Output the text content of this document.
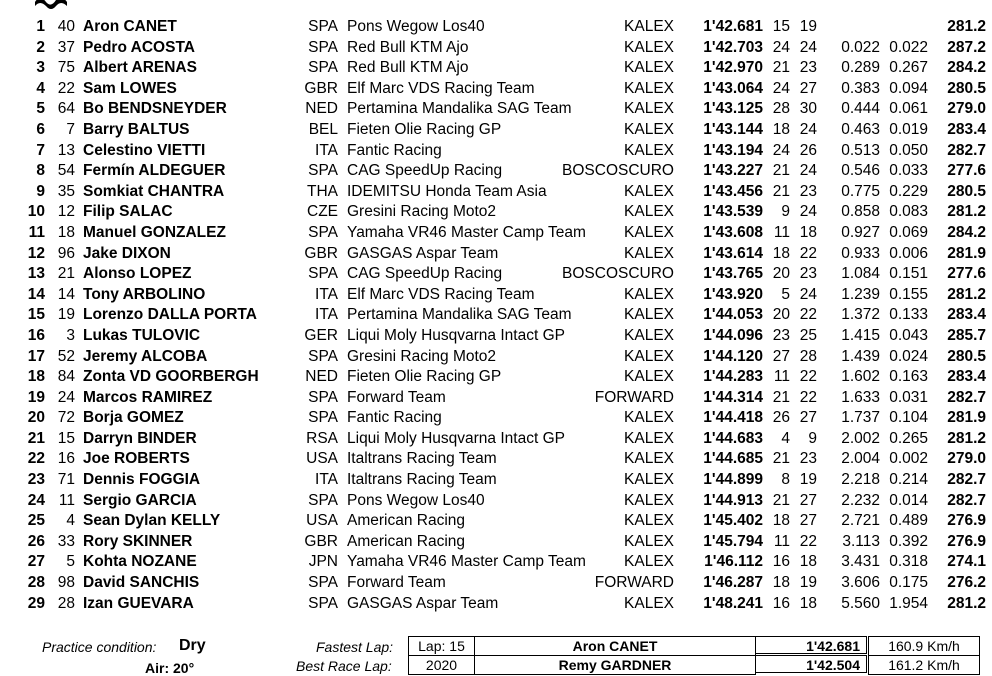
1 40 Aron CANET	SPA Pons Wegow Los40	KALEX	1'42.681 15 19	281.2
2 37 Pedro ACOSTA	SPA Red Bull KTM Ajo	KALEX	1'42.703 24 24	0.022 0.022	287.2
3 75 Albert ARENAS	SPA Red Bull KTM Ajo	KALEX	1'42.970 21 23	0.289 0.267	284.2
4 22 Sam LOWES	GBR Elf Marc VDS Racing Team	KALEX	1'43.064 24 27	0.383 0.094	280.5
5 64 Bo BENDSNEYDER	NED Pertamina Mandalika SAG Team	KALEX	1'43.125 28 30	0.444 0.061	279.0
6	7 Barry BALTUS	BEL Fieten Olie Racing GP	KALEX	1'43.144 18 24	0.463 0.019	283.4
7 13 Celestino VIETTI	ITA Fantic Racing	KALEX	1'43.194 24 26	0.513 0.050	282.7
8 54 Fermín ALDEGUER	SPA CAG SpeedUp Racing	BOSCOSCURO	1'43.227 21 24	0.546 0.033	277.6
9 35 Somkiat CHANTRA	THA IDEMITSU Honda Team Asia	KALEX	1'43.456 21 23	0.775 0.229	280.5
10 12 Filip SALAC	CZE Gresini Racing Moto2	KALEX	1'43.539	9 24	0.858 0.083	281.2
11 18 Manuel GONZALEZ	SPA Yamaha VR46 Master Camp Team	KALEX	1'43.608 11 18	0.927 0.069	284.2
12 96 Jake DIXON	GBR GASGAS Aspar Team	KALEX	1'43.614 18 22	0.933 0.006	281.9
13 21 Alonso LOPEZ	SPA CAG SpeedUp Racing	BOSCOSCURO	1'43.765 20 23	1.084 0.151	277.6
14 14 Tony ARBOLINO	ITA Elf Marc VDS Racing Team	KALEX	1'43.920	5 24	1.239 0.155	281.2
15 19 Lorenzo DALLA PORTA	ITA Pertamina Mandalika SAG Team	KALEX	1'44.053 20 22	1.372 0.133	283.4
16	3 Lukas TULOVIC	GER Liqui Moly Husqvarna Intact GP	KALEX	1'44.096 23 25	1.415 0.043	285.7
17 52 Jeremy ALCOBA	SPA Gresini Racing Moto2	KALEX	1'44.120 27 28	1.439 0.024	280.5
18 84 Zonta VD GOORBERGH	NED Fieten Olie Racing GP	KALEX	1'44.283 11 22	1.602 0.163	283.4
19 24 Marcos RAMIREZ	SPA Forward Team	FORWARD	1'44.314 21 22	1.633 0.031	282.7
20 72 Borja GOMEZ	SPA Fantic Racing	KALEX	1'44.418 26 27	1.737 0.104	281.9
21 15 Darryn BINDER	RSA Liqui Moly Husqvarna Intact GP	KALEX	1'44.683	4	9	2.002 0.265	281.2
22 16 Joe ROBERTS	USA Italtrans Racing Team	KALEX	1'44.685 21 23	2.004 0.002	279.0
23 71 Dennis FOGGIA	ITA Italtrans Racing Team	KALEX	1'44.899	8 19	2.218 0.214	282.7
24 11 Sergio GARCIA	SPA Pons Wegow Los40	KALEX	1'44.913 21 27	2.232 0.014	282.7
25	4 Sean Dylan KELLY	USA American Racing	KALEX	1'45.402 18 27	2.721 0.489	276.9
26 33 Rory SKINNER	GBR American Racing	KALEX	1'45.794 11 22	3.113 0.392	276.9
27	5 Kohta NOZANE	JPN Yamaha VR46 Master Camp Team	KALEX	1'46.112 16 18	3.431 0.318	274.1
28 98 David SANCHIS	SPA Forward Team	FORWARD	1'46.287 18 19	3.606 0.175	276.2
29 28 Izan GUEVARA	SPA GASGAS Aspar Team	KALEX	1'48.241 16 18	5.560 1.954	281.2
Practice condition: Dry
Air: 20°
Fastest Lap:	Lap: 15	Aron CANET	1'42.681	160.9 Km/h
Best Race Lap:	2020	Remy GARDNER	1'42.504	161.2 Km/h
